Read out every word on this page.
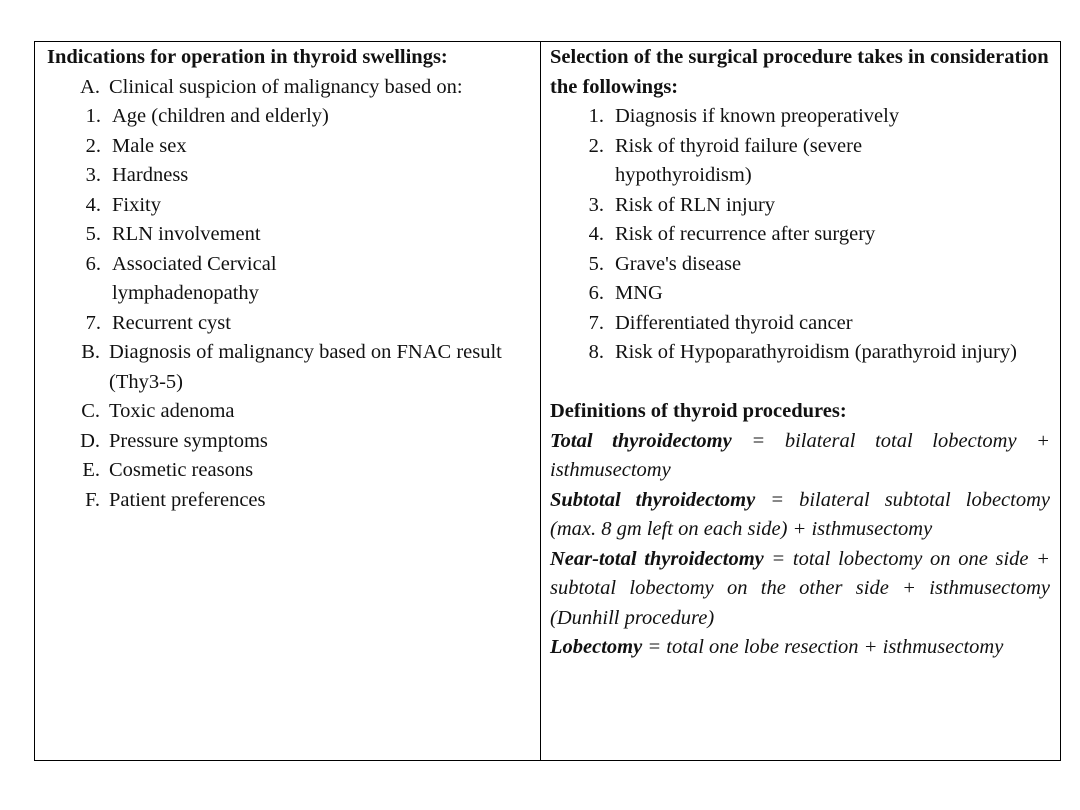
Indications for operation in thyroid swellings:
A. Clinical suspicion of malignancy based on:
1. Age (children and elderly)
2. Male sex
3. Hardness
4. Fixity
5. RLN involvement
6. Associated Cervical lymphadenopathy
7. Recurrent cyst
B. Diagnosis of malignancy based on FNAC result (Thy3-5)
C. Toxic adenoma
D. Pressure symptoms
E. Cosmetic reasons
F. Patient preferences
Selection of the surgical procedure takes in consideration the followings:
1. Diagnosis if known preoperatively
2. Risk of thyroid failure (severe hypothyroidism)
3. Risk of RLN injury
4. Risk of recurrence after surgery
5. Grave's disease
6. MNG
7. Differentiated thyroid cancer
8. Risk of Hypoparathyroidism (parathyroid injury)
Definitions of thyroid procedures:
Total thyroidectomy = bilateral total lobectomy + isthmusectomy
Subtotal thyroidectomy = bilateral subtotal lobectomy (max. 8 gm left on each side) + isthmusectomy
Near-total thyroidectomy = total lobectomy on one side + subtotal lobectomy on the other side + isthmusectomy (Dunhill procedure)
Lobectomy = total one lobe resection + isthmusectomy
